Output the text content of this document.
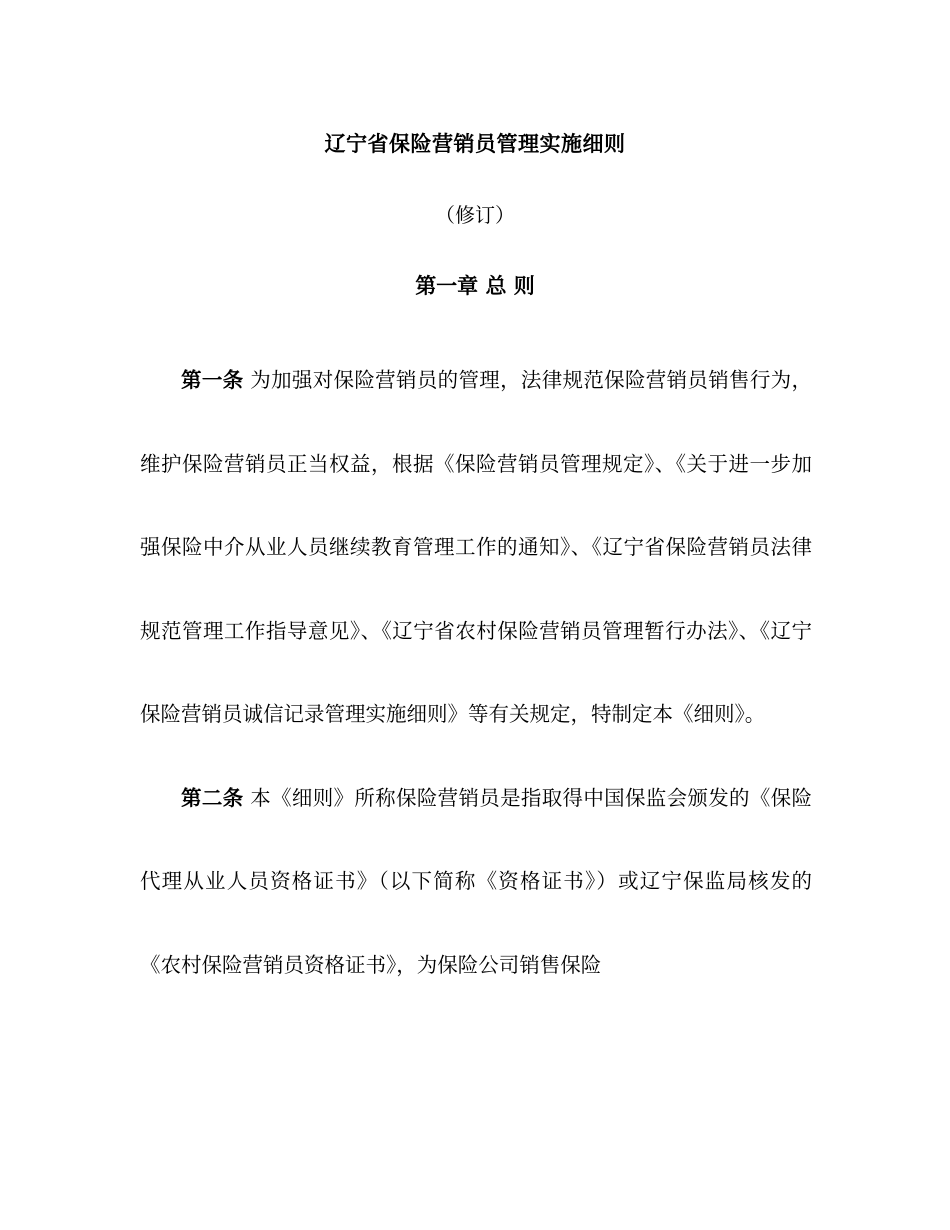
辽宁省保险营销员管理实施细则
（修订）
第一章 总 则

第一条 为加强对保险营销员的管理，法律规范保险营销员销售行为，维护保险营销员正当权益，根据《保险营销员管理规定》、《关于进一步加强保险中介从业人员继续教育管理工作的通知》、《辽宁省保险营销员法律规范管理工作指导意见》、《辽宁省农村保险营销员管理暂行办法》、《辽宁保险营销员诚信记录管理实施细则》等有关规定，特制定本《细则》。

第二条 本《细则》所称保险营销员是指取得中国保监会颁发的《保险代理从业人员资格证书》（以下简称《资格证书》）或辽宁保监局核发的《农村保险营销员资格证书》，为保险公司销售保险
